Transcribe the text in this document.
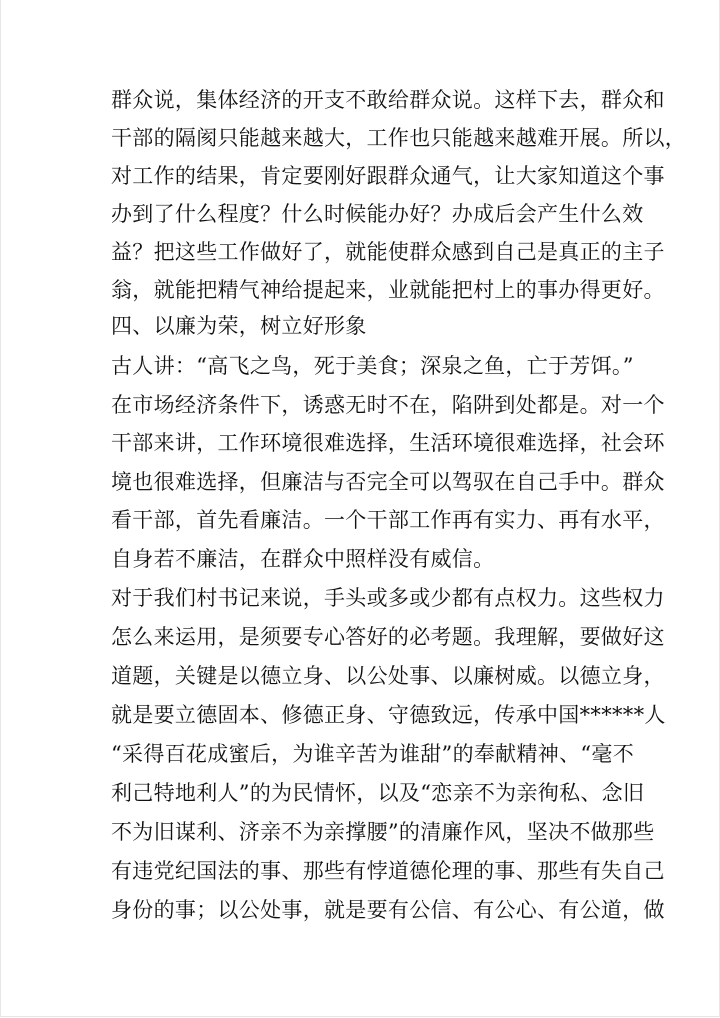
群众说，集体经济的开支不敢给群众说。这样下去，群众和
干部的隔阂只能越来越大，工作也只能越来越难开展。所以，
对工作的结果，肯定要刚好跟群众通气，让大家知道这个事
办到了什么程度？什么时候能办好？办成后会产生什么效
益？把这些工作做好了，就能使群众感到自己是真正的主子
翁，就能把精气神给提起来，业就能把村上的事办得更好。
四、以廉为荣，树立好形象
古人讲：“高飞之鸟，死于美食；深泉之鱼，亡于芳饵。”
在市场经济条件下，诱惑无时不在，陷阱到处都是。对一个
干部来讲，工作环境很难选择，生活环境很难选择，社会环
境也很难选择，但廉洁与否完全可以驾驭在自己手中。群众
看干部，首先看廉洁。一个干部工作再有实力、再有水平，
自身若不廉洁，在群众中照样没有威信。
对于我们村书记来说，手头或多或少都有点权力。这些权力
怎么来运用，是须要专心答好的必考题。我理解，要做好这
道题，关键是以德立身、以公处事、以廉树威。以德立身，
就是要立德固本、修德正身、守德致远，传承中国******人
“采得百花成蜜后，为谁辛苦为谁甜”的奉献精神、“毫不
利己特地利人”的为民情怀，以及“恋亲不为亲徇私、念旧
不为旧谋利、济亲不为亲撑腰”的清廉作风，坚决不做那些
有违党纪国法的事、那些有悖道德伦理的事、那些有失自己
身份的事；以公处事，就是要有公信、有公心、有公道，做
